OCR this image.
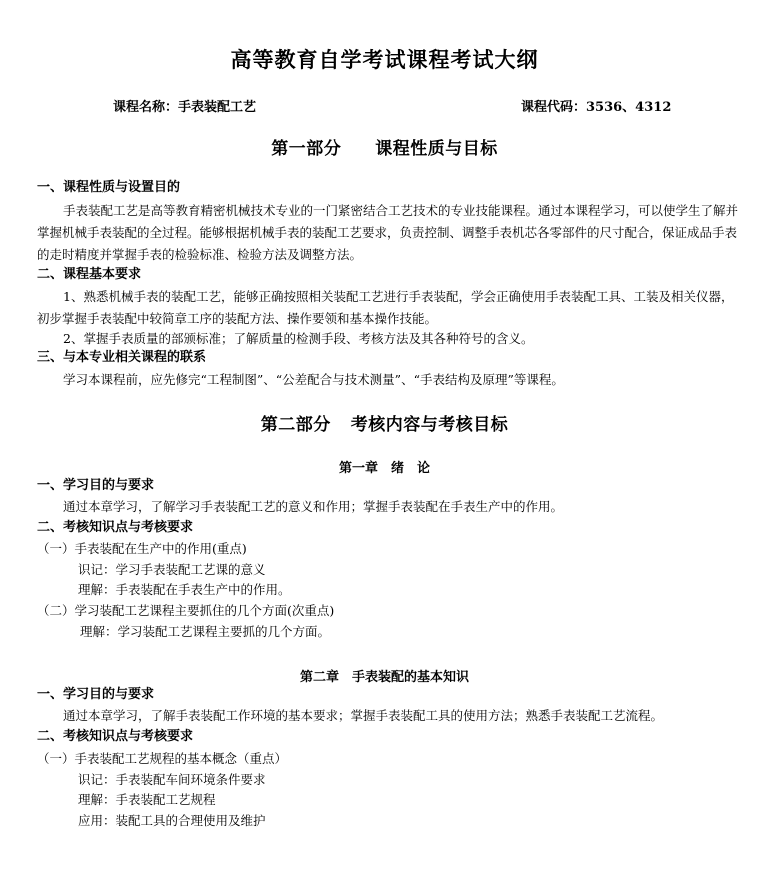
高等教育自学考试课程考试大纲
课程名称：手表装配工艺	课程代码：3536、4312
第一部分 课程性质与目标
一、课程性质与设置目的

手表装配工艺是高等教育精密机械技术专业的一门紧密结合工艺技术的专业技能课程。通过本课程学习，可以使学生了解并掌握机械手表装配的全过程。能够根据机械手表的装配工艺要求，负责控制、调整手表机芯各零部件的尺寸配合，保证成品手表的走时精度并掌握手表的检验标准、检验方法及调整方法。

二、课程基本要求

1、熟悉机械手表的装配工艺，能够正确按照相关装配工艺进行手表装配，学会正确使用手表装配工具、工装及相关仪器，初步掌握手表装配中较简章工序的装配方法、操作要领和基本操作技能。

2、掌握手表质量的部颁标准；了解质量的检测手段、考核方法及其各种符号的含义。

三、与本专业相关课程的联系

学习本课程前，应先修完“工程制图”、“公差配合与技术测量”、“手表结构及原理”等课程。

第二部分 考核内容与考核目标
第一章　绪　论
一、学习目的与要求
通过本章学习，了解学习手表装配工艺的意义和作用；掌握手表装配在手表生产中的作用。
二、考核知识点与考核要求
（一）手表装配在生产中的作用(重点)
识记：学习手表装配工艺课的意义
理解：手表装配在手表生产中的作用。
（二）学习装配工艺课程主要抓住的几个方面(次重点)
理解：学习装配工艺课程主要抓的几个方面。
第二章　手表装配的基本知识
一、学习目的与要求
通过本章学习，了解手表装配工作环境的基本要求；掌握手表装配工具的使用方法；熟悉手表装配工艺流程。
二、考核知识点与考核要求
（一）手表装配工艺规程的基本概念（重点）
识记：手表装配车间环境条件要求
理解：手表装配工艺规程
应用：装配工具的合理使用及维护
